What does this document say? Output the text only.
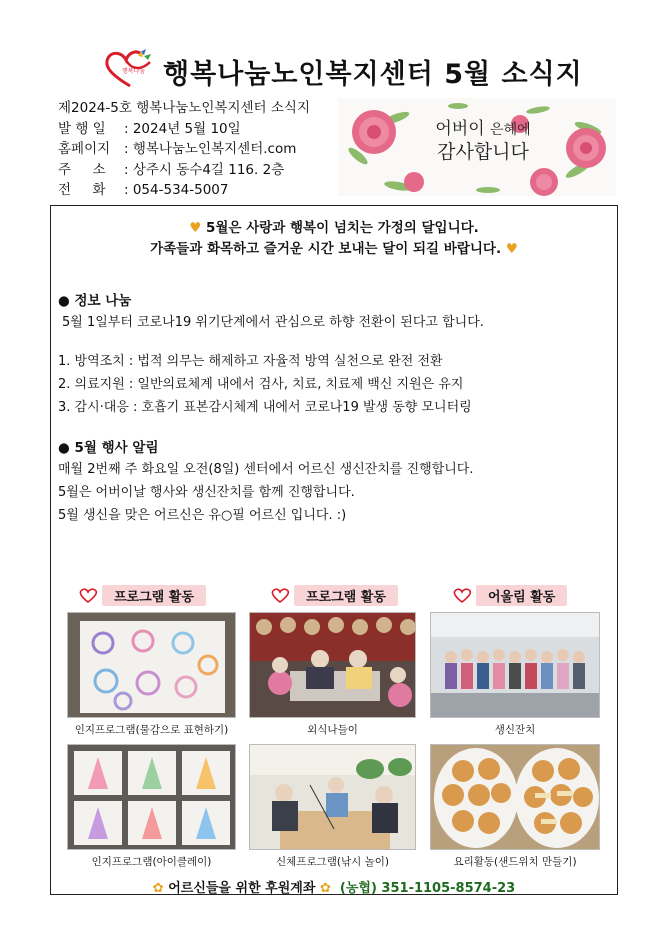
행복나눔 행복나눔노인복지센터 5월 소식지
제2024-5호 행복나눔노인복지센터 소식지
발 행 일 : 2024년 5월 10일
홈페이지 : 행복나눔노인복지센터.com
주     소 : 상주시 동수4길 116. 2층
전     화 : 054-534-5007
어버이 은혜에
감사합니다
♥ 5월은 사랑과 행복이 넘치는 가정의 달입니다.
가족들과 화목하고 즐거운 시간 보내는 달이 되길 바랍니다. ♥
● 정보 나눔
5월 1일부터 코로나19 위기단계에서 관심으로 하향 전환이 된다고 합니다.
1. 방역조치 : 법적 의무는 해제하고 자율적 방역 실천으로 완전 전환
2. 의료지원 : 일반의료체계 내에서 검사, 치료, 치료제 백신 지원은 유지
3. 감시·대응 : 호흡기 표본감시체계 내에서 코로나19 발생 동향 모니터링
● 5월 행사 알림
매월 2번째 주 화요일 오전(8일) 센터에서 어르신 생신잔치를 진행합니다.
5월은 어버이날 행사와 생신잔치를 함께 진행합니다.
5월 생신을 맞은 어르신은 유○필 어르신 입니다. :)
프로그램 활동	프로그램 활동	어울림 활동
인지프로그램(물감으로 표현하기)	외식나들이	생신잔치
인지프로그램(아이클레이)	신체프로그램(낚시 놀이)	요리활동(샌드위치 만들기)
✿ 어르신들을 위한 후원계좌 ✿ (농협) 351-1105-8574-23
